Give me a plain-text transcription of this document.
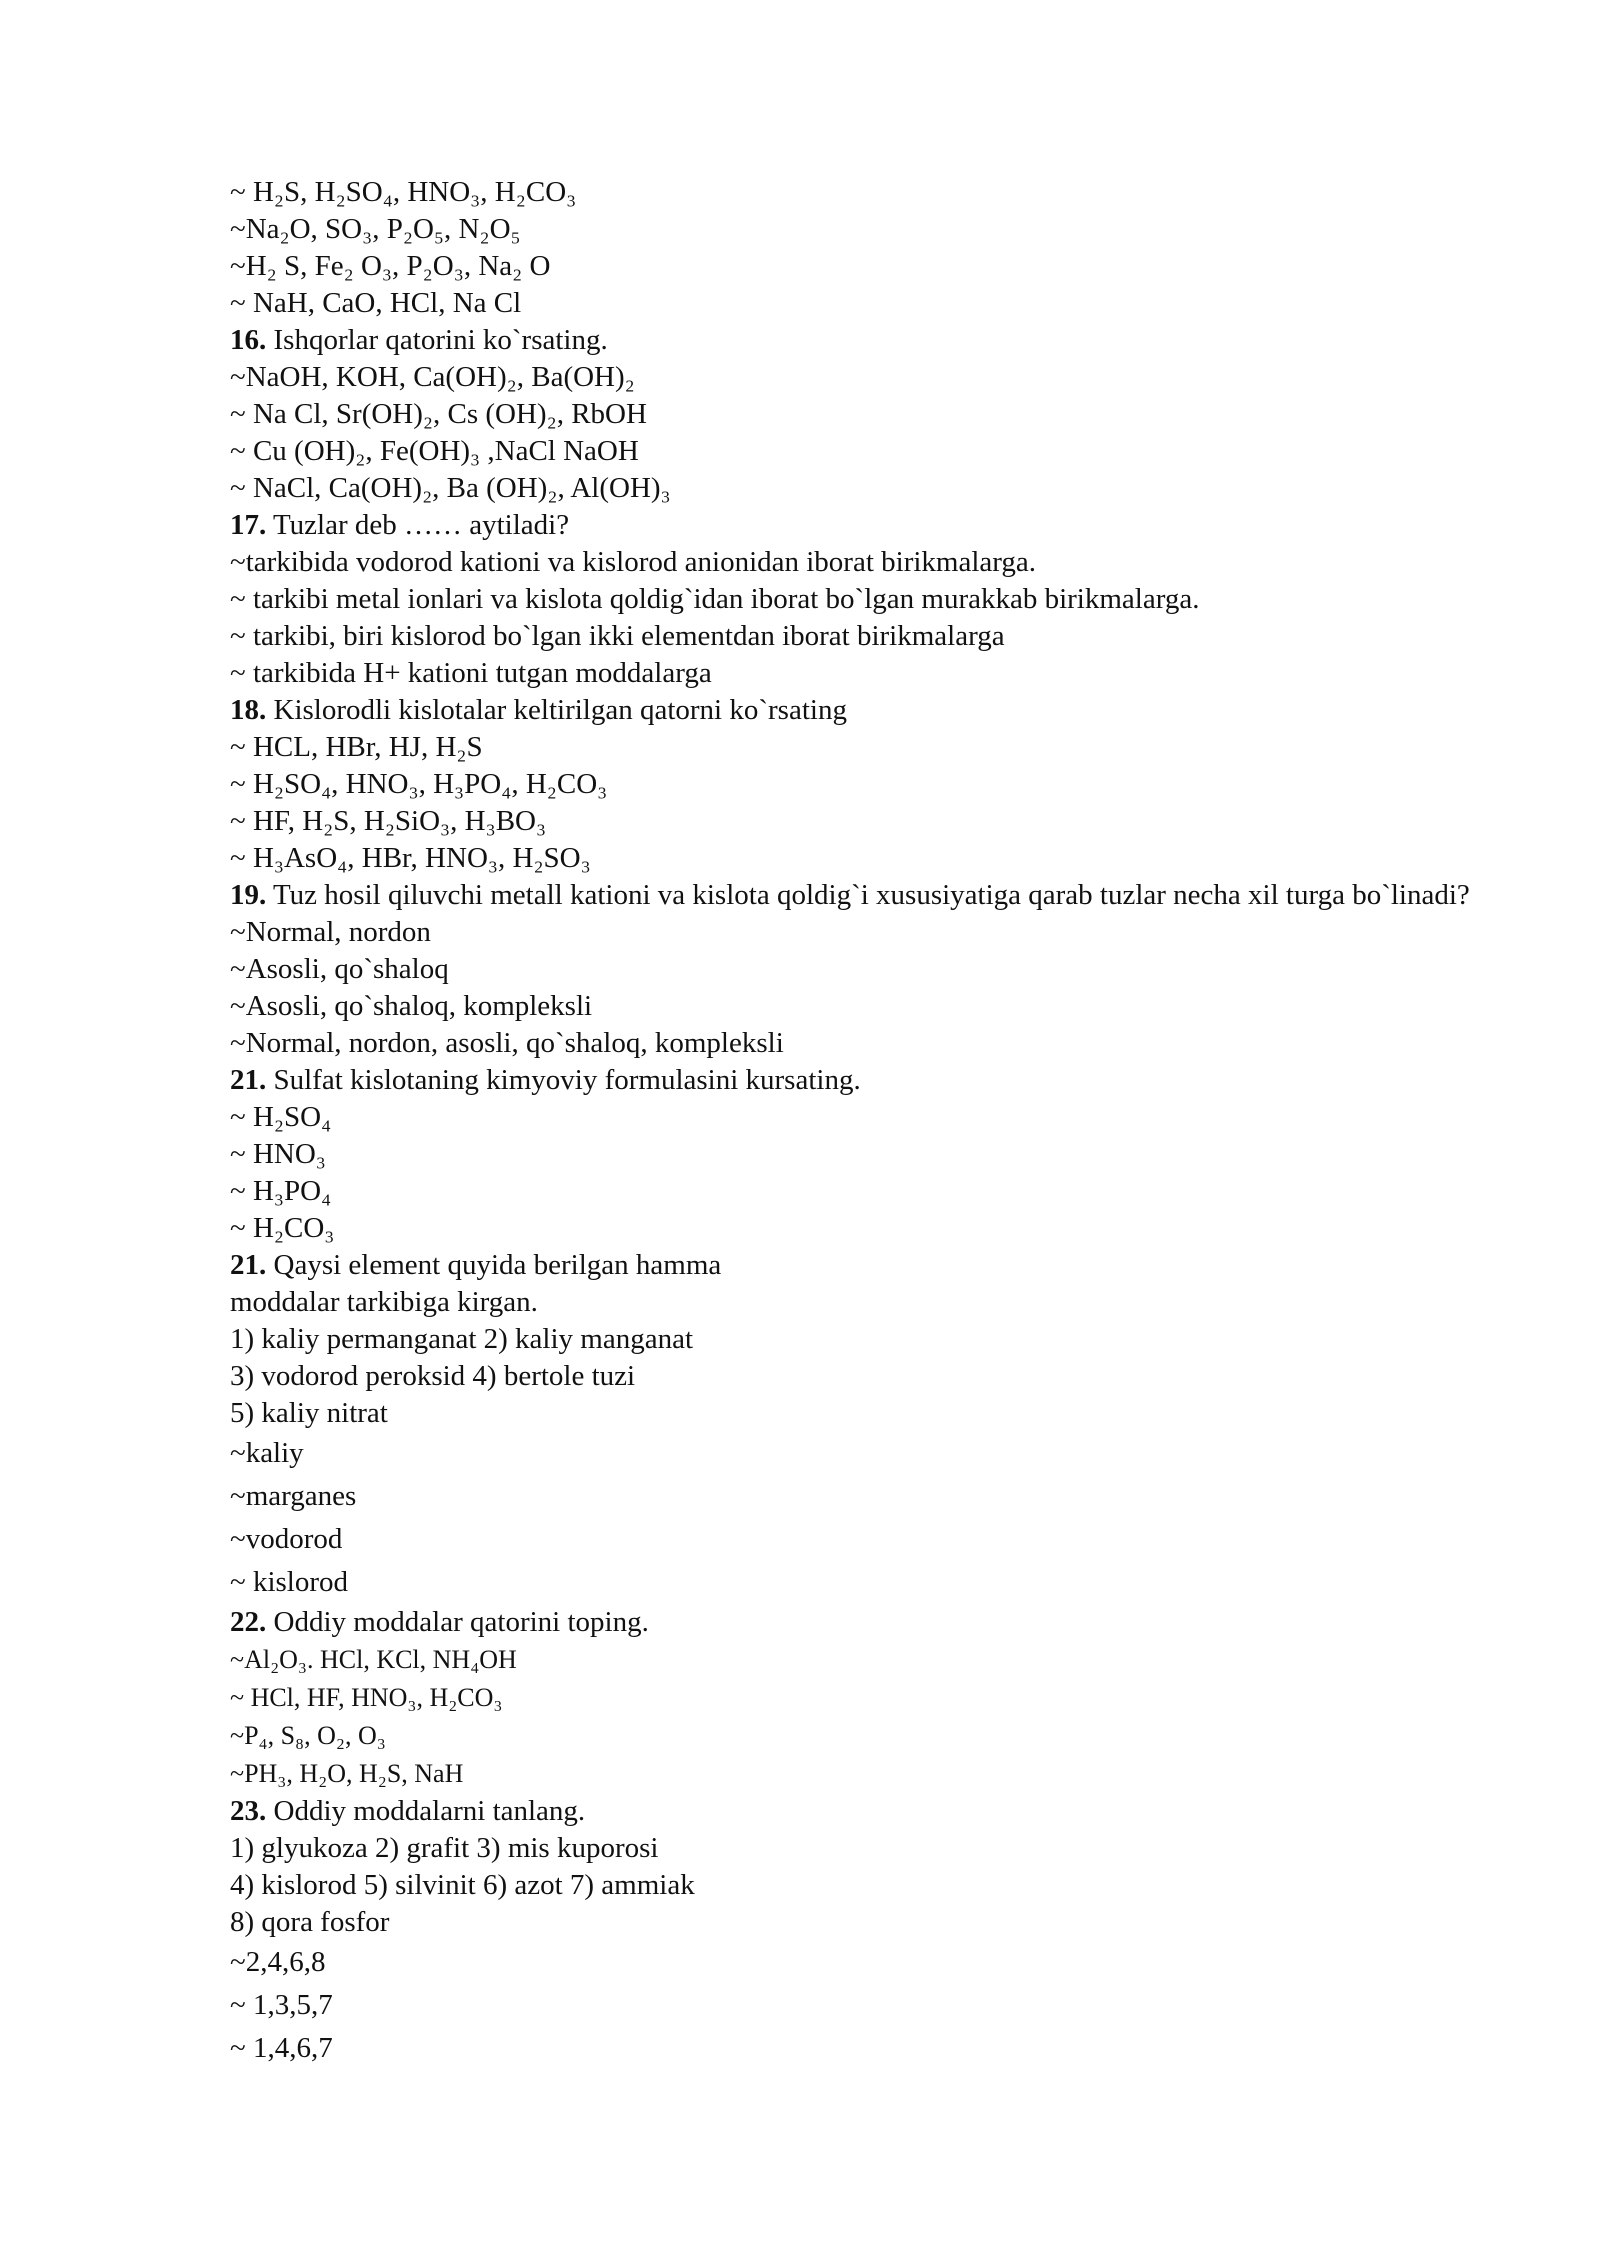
~ H₂S, H₂SO₄, HNO₃, H₂CO₃
~Na₂O, SO₃, P₂O₅, N₂O₅
~H₂ S, Fe₂ O₃, P₂O₃, Na₂ O
~ NaH, CaO, HCl, Na Cl
16. Ishqorlar qatorini ko`rsating.
~NaOH, KOH, Ca(OH)₂, Ba(OH)₂
~ Na Cl, Sr(OH)₂, Cs (OH)₂, RbOH
~ Cu (OH)₂, Fe(OH)₃ ,NaCl NaOH
~ NaCl, Ca(OH)₂, Ba (OH)₂, Al(OH)₃
17. Tuzlar deb …… aytiladi?
~tarkibida vodorod kationi va kislorod anionidan iborat birikmalarga.
~ tarkibi metal ionlari va kislota qoldig`idan iborat bo`lgan murakkab birikmalarga.
~ tarkibi, biri kislorod bo`lgan ikki elementdan iborat birikmalarga
~ tarkibida H+ kationi tutgan moddalarga
18. Kislorodli kislotalar keltirilgan qatorni ko`rsating
~ HCL, HBr, HJ, H₂S
~ H₂SO₄, HNO₃, H₃PO₄, H₂CO₃
~ HF, H₂S, H₂SiO₃, H₃BO₃
~ H₃AsO₄, HBr, HNO₃, H₂SO₃
19. Tuz hosil qiluvchi metall kationi va kislota qoldig`i xususiyatiga qarab tuzlar necha xil turga bo`linadi?
~Normal, nordon
~Asosli, qo`shaloq
~Asosli, qo`shaloq, kompleksli
~Normal, nordon, asosli, qo`shaloq, kompleksli
21. Sulfat kislotaning kimyoviy formulasini kursating.
~ H₂SO₄
~ HNO₃
~ H₃PO₄
~ H₂CO₃
21. Qaysi element quyida berilgan hamma
moddalar tarkibiga kirgan.
1) kaliy permanganat 2) kaliy manganat
3) vodorod peroksid 4) bertole tuzi
5) kaliy nitrat
~kaliy
~marganes
~vodorod
~ kislorod
22. Oddiy moddalar qatorini toping.
~Al₂O₃. HCl, KCl, NH₄OH
~ HCl, HF, HNO₃, H₂CO₃
~P₄, S₈, O₂, O₃
~PH₃, H₂O, H₂S, NaH
23. Oddiy moddalarni tanlang.
1) glyukoza 2) grafit 3) mis kuporosi
4) kislorod 5) silvinit 6) azot 7) ammiak
8) qora fosfor
~2,4,6,8
~ 1,3,5,7
~ 1,4,6,7
